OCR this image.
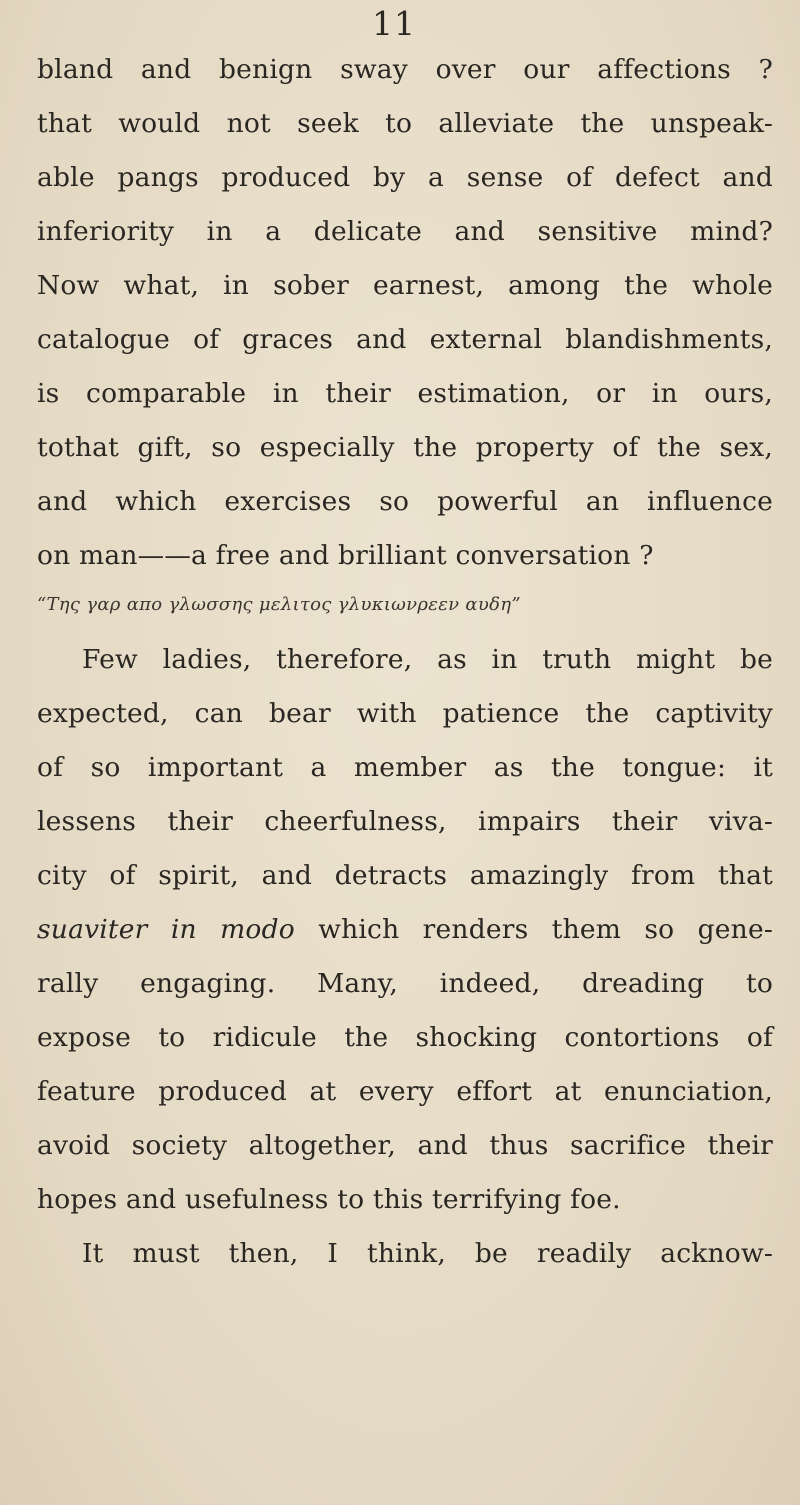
11
bland and benign sway over our affections ?
that would not seek to alleviate the unspeak-
able pangs produced by a sense of defect and
inferiority in a delicate and sensitive mind?
Now what, in sober earnest, among the whole
catalogue of graces and external blandishments,
is comparable in their estimation, or in ours,
tothat gift, so especially the property of the sex,
and which exercises so powerful an influence
on man——a free and brilliant conversation ?
“Της γαρ απο γλωσσης μελιτος γλυκιωνρεεν αυδη”
Few ladies, therefore, as in truth might be
expected, can bear with patience the captivity
of so important a member as the tongue: it
lessens their cheerfulness, impairs their viva-
city of spirit, and detracts amazingly from that
suaviter in modo which renders them so gene-
rally engaging. Many, indeed, dreading to
expose to ridicule the shocking contortions of
feature produced at every effort at enunciation,
avoid society altogether, and thus sacrifice their
hopes and usefulness to this terrifying foe.
It must then, I think, be readily acknow-
